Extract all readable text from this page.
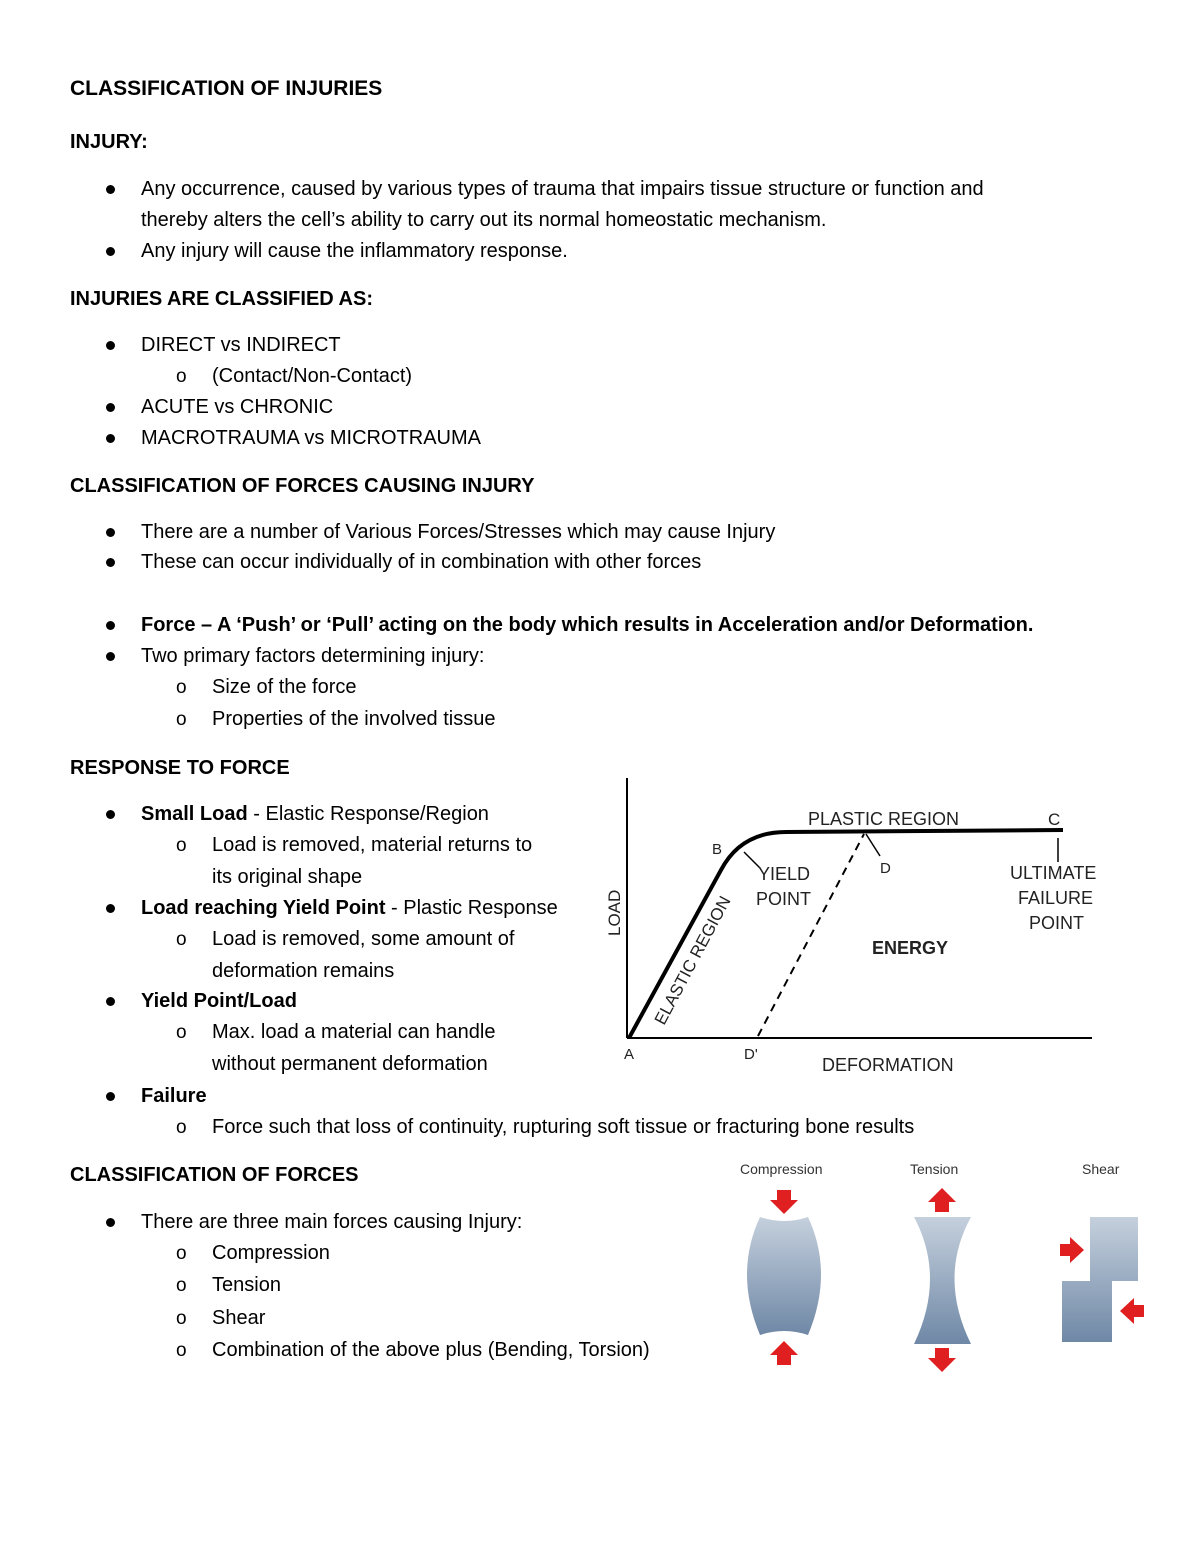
CLASSIFICATION OF INJURIES
INJURY:
Any occurrence, caused by various types of trauma that impairs tissue structure or function and
thereby alters the cell’s ability to carry out its normal homeostatic mechanism.
Any injury will cause the inflammatory response.
INJURIES ARE CLASSIFIED AS:
DIRECT vs INDIRECT
o (Contact/Non-Contact)
ACUTE vs CHRONIC
MACROTRAUMA vs MICROTRAUMA
CLASSIFICATION OF FORCES CAUSING INJURY
There are a number of Various Forces/Stresses which may cause Injury
These can occur individually of in combination with other forces
Force – A ‘Push’ or ‘Pull’ acting on the body which results in Acceleration and/or Deformation.
Two primary factors determining injury:
o Size of the force
o Properties of the involved tissue
RESPONSE TO FORCE
Small Load - Elastic Response/Region
o Load is removed, material returns to
its original shape
Load reaching Yield Point - Plastic Response
o Load is removed, some amount of
deformation remains
Yield Point/Load
o Max. load a material can handle
without permanent deformation
Failure
o Force such that loss of continuity, rupturing soft tissue or fracturing bone results
CLASSIFICATION OF FORCES
There are three main forces causing Injury:
o Compression
o Tension
o Shear
o Combination of the above plus (Bending, Torsion)
PLASTIC REGION	C
B
YIELD
POINT
D	ULTIMATE
FAILURE
POINT
ENERGY
LOAD ELASTIC REGION
A	D'
DEFORMATION
Compression	Tension	Shear
